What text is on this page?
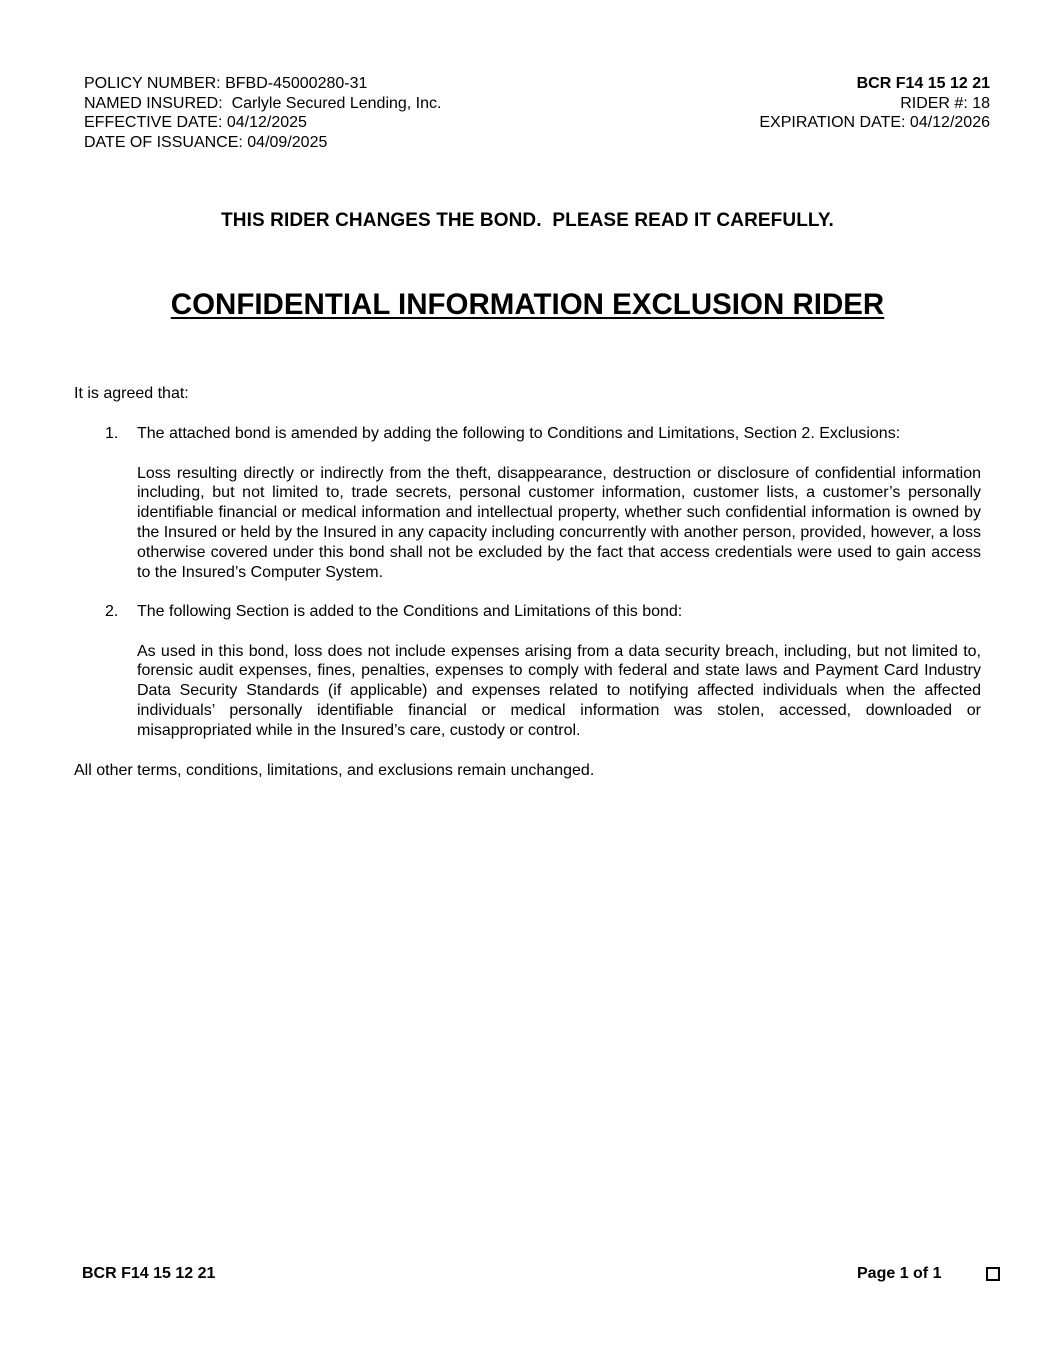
POLICY NUMBER: BFBD-45000280-31
NAMED INSURED:  Carlyle Secured Lending, Inc.
EFFECTIVE DATE: 04/12/2025
DATE OF ISSUANCE: 04/09/2025
BCR F14 15 12 21
RIDER #: 18
EXPIRATION DATE: 04/12/2026
THIS RIDER CHANGES THE BOND.  PLEASE READ IT CAREFULLY.
CONFIDENTIAL INFORMATION EXCLUSION RIDER
It is agreed that:
1. The attached bond is amended by adding the following to Conditions and Limitations, Section 2. Exclusions:
Loss resulting directly or indirectly from the theft, disappearance, destruction or disclosure of confidential information including, but not limited to, trade secrets, personal customer information, customer lists, a customer’s personally identifiable financial or medical information and intellectual property, whether such confidential information is owned by the Insured or held by the Insured in any capacity including concurrently with another person, provided, however, a loss otherwise covered under this bond shall not be excluded by the fact that access credentials were used to gain access to the Insured’s Computer System.
2. The following Section is added to the Conditions and Limitations of this bond:
As used in this bond, loss does not include expenses arising from a data security breach, including, but not limited to, forensic audit expenses, fines, penalties, expenses to comply with federal and state laws and Payment Card Industry Data Security Standards (if applicable) and expenses related to notifying affected individuals when the affected individuals’ personally identifiable financial or medical information was stolen, accessed, downloaded or misappropriated while in the Insured’s care, custody or control.
All other terms, conditions, limitations, and exclusions remain unchanged.
BCR F14 15 12 21	Page 1 of 1
